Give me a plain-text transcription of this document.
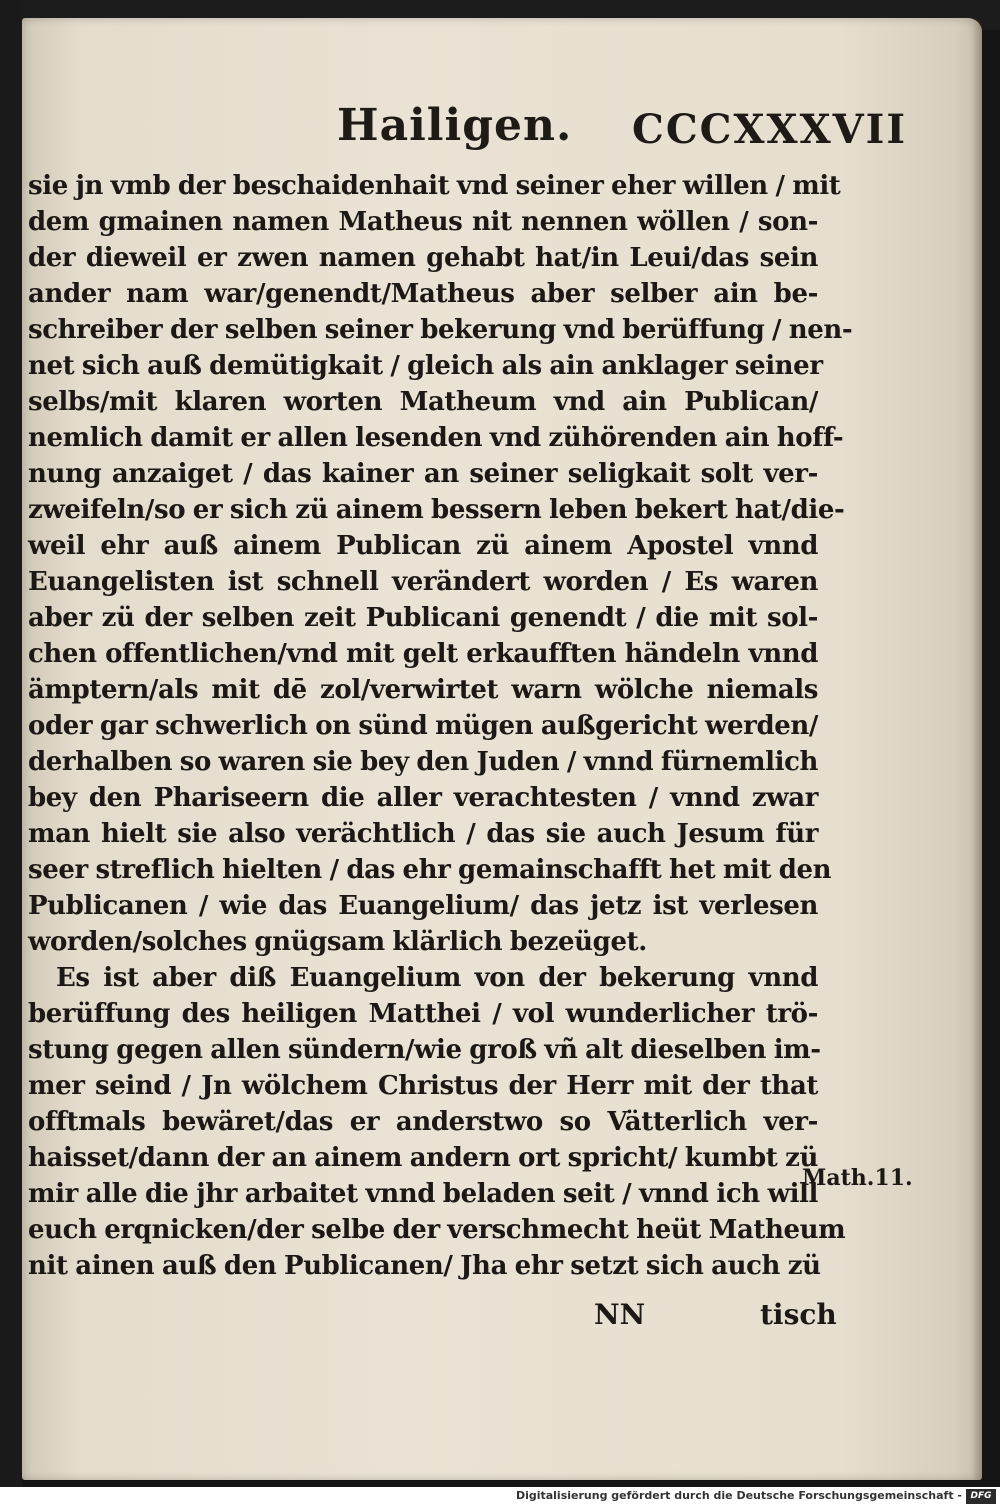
Hailigen. CCCXXXVII
sie jn vmb der beschaidenhait vnd seiner eher willen / mit
dem gmainen namen Matheus nit nennen wöllen / son-
der dieweil er zwen namen gehabt hat/in Leui/das sein
ander nam war/genendt/Matheus aber selber ain be-
schreiber der selben seiner bekerung vnd berüffung / nen-
net sich auß demütigkait / gleich als ain anklager seiner
selbs/mit klaren worten Matheum vnd ain Publican/
nemlich damit er allen lesenden vnd zühörenden ain hoff-
nung anzaiget / das kainer an seiner seligkait solt ver-
zweifeln/so er sich zü ainem bessern leben bekert hat/die-
weil ehr auß ainem Publican zü ainem Apostel vnnd
Euangelisten ist schnell verändert worden / Es waren
aber zü der selben zeit Publicani genendt / die mit sol-
chen offentlichen/vnd mit gelt erkaufften händeln vnnd
ämptern/als mit dē zol/verwirtet warn wölche niemals
oder gar schwerlich on sünd mügen außgericht werden/
derhalben so waren sie bey den Juden / vnnd fürnemlich
bey den Phariseern die aller verachtesten / vnnd zwar
man hielt sie also verächtlich / das sie auch Jesum für
seer streflich hielten / das ehr gemainschafft het mit den
Publicanen / wie das Euangelium/ das jetz ist verlesen
worden/solches gnügsam klärlich bezeüget.
Es ist aber diß Euangelium von der bekerung vnnd
berüffung des heiligen Matthei / vol wunderlicher trö-
stung gegen allen sündern/wie groß vñ alt dieselben im-
mer seind / Jn wölchem Christus der Herr mit der that
offtmals bewäret/das er anderstwo so Vätterlich ver-
haisset/dann der an ainem andern ort spricht/ kumbt zü
mir alle die jhr arbaitet vnnd beladen seit / vnnd ich will
euch erqnicken/der selbe der verschmecht heüt Matheum
nit ainen auß den Publicanen/ Jha ehr setzt sich auch zü
Math.11.
NN	tisch
Digitalisierung gefördert durch die Deutsche Forschungsgemeinschaft - DFG
